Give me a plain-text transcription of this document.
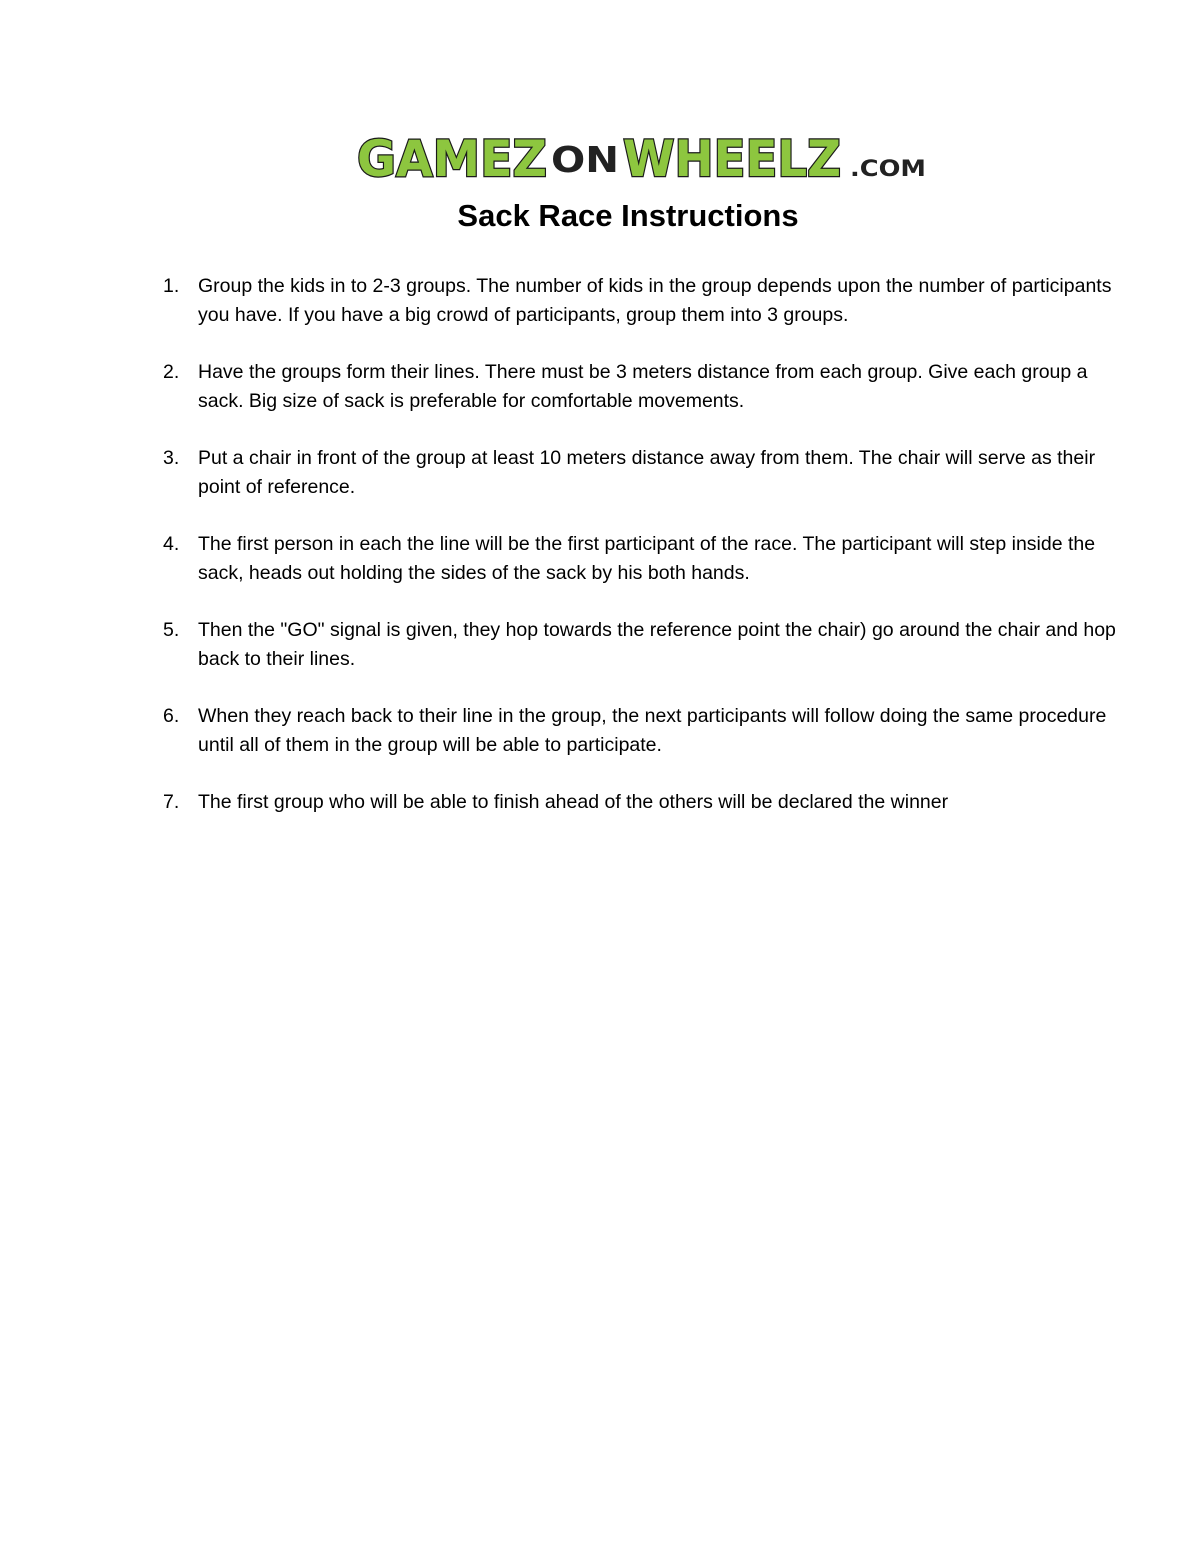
GAMEZ ON WHEELZ .COM
Sack Race Instructions
1. Group the kids in to 2-3 groups. The number of kids in the group depends upon the number of participants you have. If you have a big crowd of participants, group them into 3 groups.
2. Have the groups form their lines. There must be 3 meters distance from each group. Give each group a sack. Big size of sack is preferable for comfortable movements.
3. Put a chair in front of the group at least 10 meters distance away from them. The chair will serve as their point of reference.
4. The first person in each the line will be the first participant of the race. The participant will step inside the sack, heads out holding the sides of the sack by his both hands.
5. Then the "GO" signal is given, they hop towards the reference point the chair) go around the chair and hop back to their lines.
6. When they reach back to their line in the group, the next participants will follow doing the same procedure until all of them in the group will be able to participate.
7. The first group who will be able to finish ahead of the others will be declared the winner
